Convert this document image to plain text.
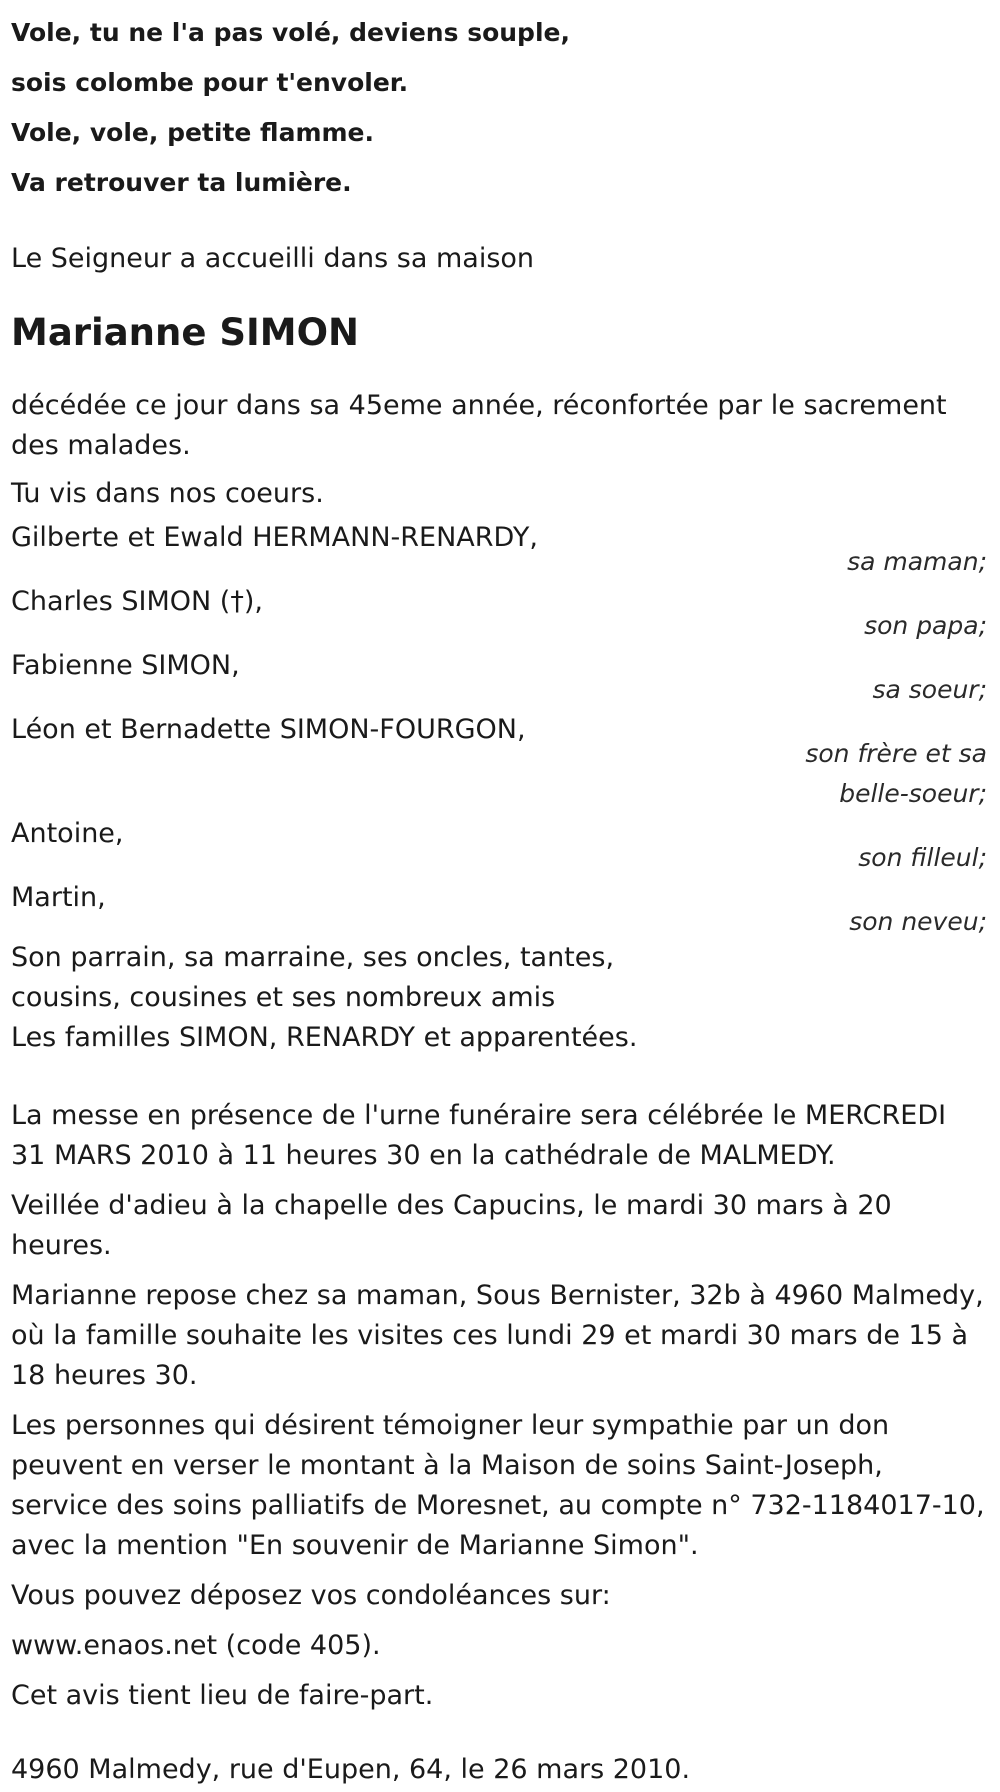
Vole, tu ne l'a pas volé, deviens souple,

sois colombe pour t'envoler.

Vole, vole, petite flamme.

Va retrouver ta lumière.

Le Seigneur a accueilli dans sa maison

Marianne SIMON

décédée ce jour dans sa 45eme année, réconfortée par le sacrement des malades.

Tu vis dans nos coeurs.

Gilberte et Ewald HERMANN-RENARDY,

sa maman;

Charles SIMON (†),

son papa;

Fabienne SIMON,

sa soeur;

Léon et Bernadette SIMON-FOURGON,

son frère et sa
belle-soeur;

Antoine,

son filleul;

Martin,

son neveu;

Son parrain, sa marraine, ses oncles, tantes,

cousins, cousines et ses nombreux amis

Les familles SIMON, RENARDY et apparentées.

La messe en présence de l'urne funéraire sera célébrée le MERCREDI 31 MARS 2010 à 11 heures 30 en la cathédrale de MALMEDY.

Veillée d'adieu à la chapelle des Capucins, le mardi 30 mars à 20 heures.

Marianne repose chez sa maman, Sous Bernister, 32b à 4960 Malmedy, où la famille souhaite les visites ces lundi 29 et mardi 30 mars de 15 à 18 heures 30.

Les personnes qui désirent témoigner leur sympathie par un don peuvent en verser le montant à la Maison de soins Saint-Joseph, service des soins palliatifs de Moresnet, au compte n° 732-1184017-10, avec la mention "En souvenir de Marianne Simon".

Vous pouvez déposez vos condoléances sur:

www.enaos.net (code 405).

Cet avis tient lieu de faire-part.

4960 Malmedy, rue d'Eupen, 64, le 26 mars 2010.
